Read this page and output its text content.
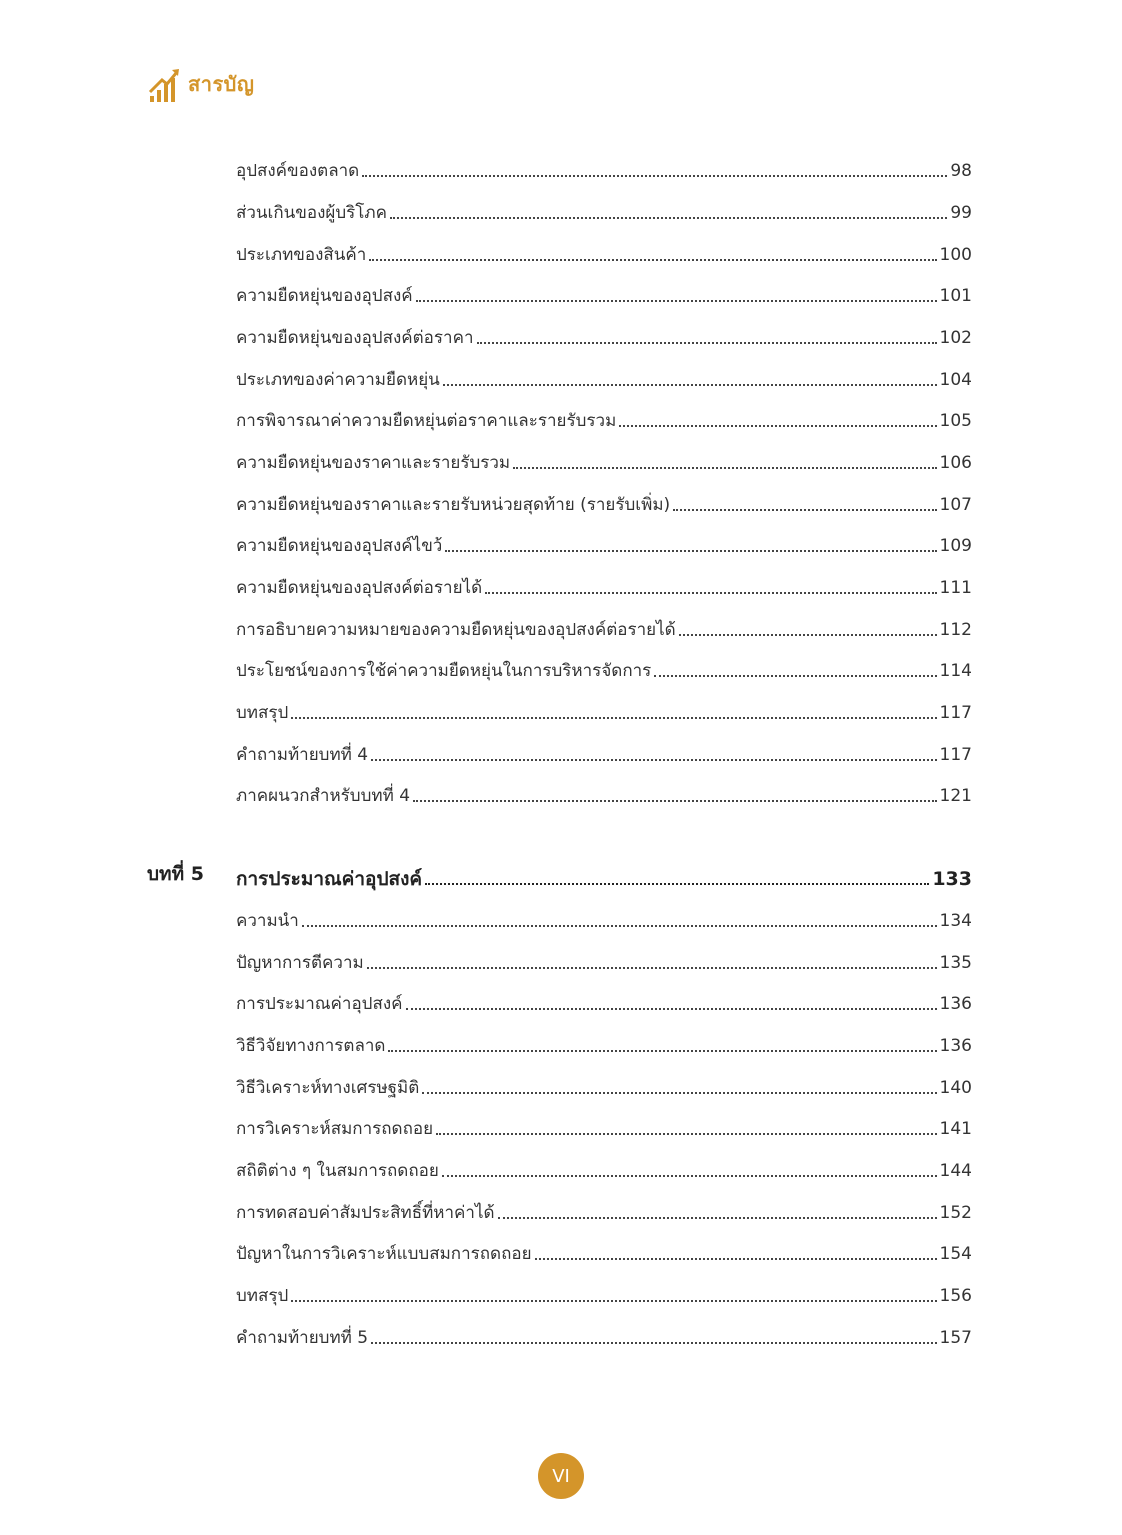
สารบัญ
อุปสงค์ของตลาด	98
ส่วนเกินของผู้บริโภค	99
ประเภทของสินค้า	100
ความยืดหยุ่นของอุปสงค์	101
ความยืดหยุ่นของอุปสงค์ต่อราคา	102
ประเภทของค่าความยืดหยุ่น	104
การพิจารณาค่าความยืดหยุ่นต่อราคาและรายรับรวม	105
ความยืดหยุ่นของราคาและรายรับรวม	106
ความยืดหยุ่นของราคาและรายรับหน่วยสุดท้าย (รายรับเพิ่ม)	107
ความยืดหยุ่นของอุปสงค์ไขว้	109
ความยืดหยุ่นของอุปสงค์ต่อรายได้	111
การอธิบายความหมายของความยืดหยุ่นของอุปสงค์ต่อรายได้	112
ประโยชน์ของการใช้ค่าความยืดหยุ่นในการบริหารจัดการ	114
บทสรุป	117
คำถามท้ายบทที่ 4	117
ภาคผนวกสำหรับบทที่ 4	121
บทที่ 5 การประมาณค่าอุปสงค์	133
ความนำ	134
ปัญหาการตีความ	135
การประมาณค่าอุปสงค์	136
วิธีวิจัยทางการตลาด	136
วิธีวิเคราะห์ทางเศรษฐมิติ	140
การวิเคราะห์สมการถดถอย	141
สถิติต่าง ๆ ในสมการถดถอย	144
การทดสอบค่าสัมประสิทธิ์ที่หาค่าได้	152
ปัญหาในการวิเคราะห์แบบสมการถดถอย	154
บทสรุป	156
คำถามท้ายบทที่ 5	157
VI
